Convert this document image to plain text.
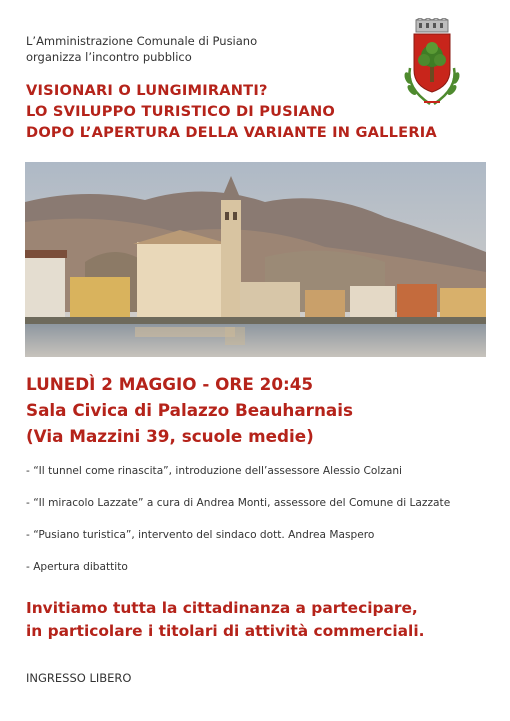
L’Amministrazione Comunale di Pusiano
organizza l’incontro pubblico
VISIONARI O LUNGIMIRANTI?
LO SVILUPPO TURISTICO DI PUSIANO
DOPO L’APERTURA DELLA VARIANTE IN GALLERIA
LUNEDÌ 2 MAGGIO - ORE 20:45
Sala Civica di Palazzo Beauharnais
(Via Mazzini 39, scuole medie)
- “Il tunnel come rinascita”, introduzione dell’assessore Alessio Colzani
- “Il miracolo Lazzate” a cura di Andrea Monti, assessore del Comune di Lazzate
- “Pusiano turistica”, intervento del sindaco dott. Andrea Maspero
- Apertura dibattito
Invitiamo tutta la cittadinanza a partecipare,
in particolare i titolari di attività commerciali.
INGRESSO LIBERO
